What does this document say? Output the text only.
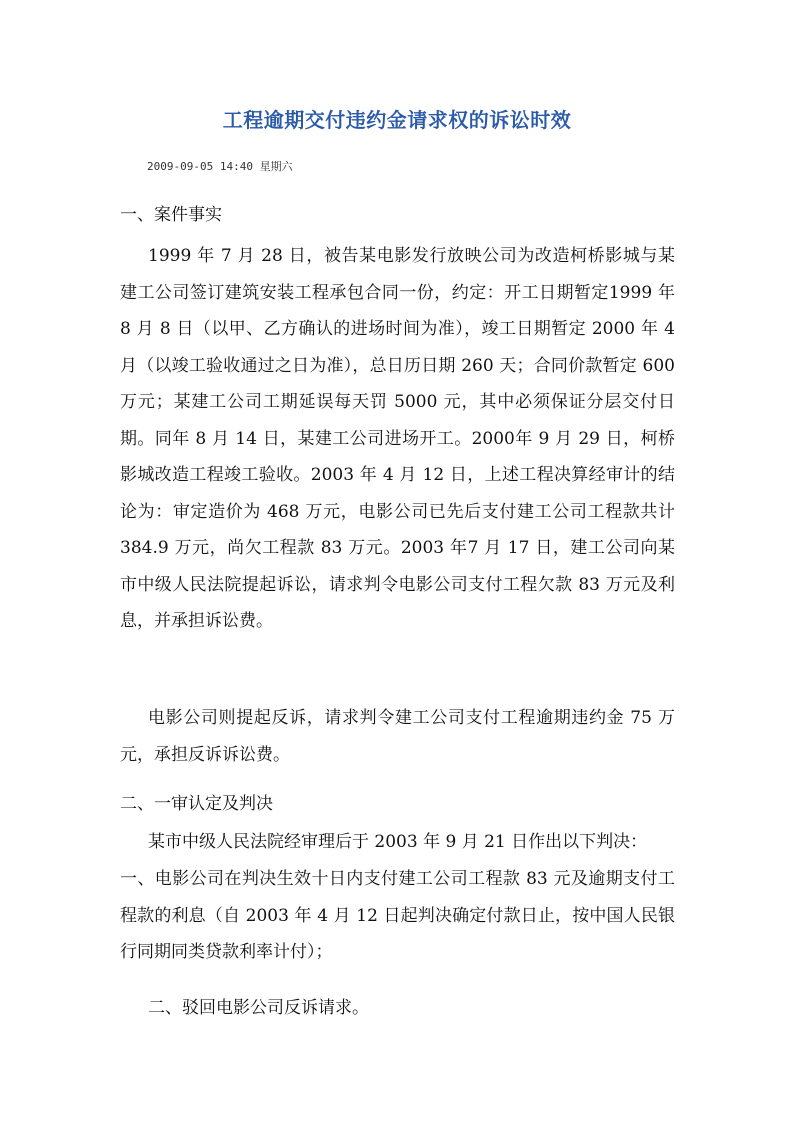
工程逾期交付违约金请求权的诉讼时效
2009-09-05 14:40 星期六
一、案件事实
1999 年 7 月 28 日，被告某电影发行放映公司为改造柯桥影城与某建工公司签订建筑安装工程承包合同一份，约定：开工日期暂定1999 年 8 月 8 日（以甲、乙方确认的进场时间为准），竣工日期暂定 2000 年 4 月（以竣工验收通过之日为准），总日历日期 260 天；合同价款暂定 600 万元；某建工公司工期延误每天罚 5000 元，其中必须保证分层交付日期。同年 8 月 14 日，某建工公司进场开工。2000年 9 月 29 日，柯桥影城改造工程竣工验收。2003 年 4 月 12 日，上述工程决算经审计的结论为：审定造价为 468 万元，电影公司已先后支付建工公司工程款共计 384.9 万元，尚欠工程款 83 万元。2003 年7 月 17 日，建工公司向某市中级人民法院提起诉讼，请求判令电影公司支付工程欠款 83 万元及利息，并承担诉讼费。
电影公司则提起反诉，请求判令建工公司支付工程逾期违约金 75 万元，承担反诉诉讼费。
二、一审认定及判决
某市中级人民法院经审理后于 2003 年 9 月 21 日作出以下判决：
一、电影公司在判决生效十日内支付建工公司工程款 83 元及逾期支付工程款的利息（自 2003 年 4 月 12 日起判决确定付款日止，按中国人民银行同期同类贷款利率计付）；
二、驳回电影公司反诉请求。
